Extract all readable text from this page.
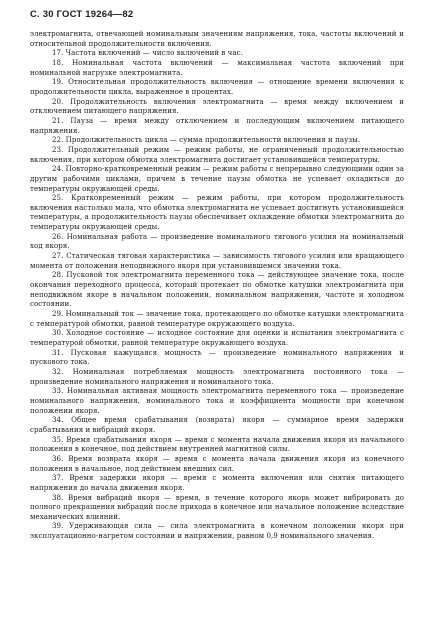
С. 30 ГОСТ 19264—82

электромагнита, отвечающей номинальным значениям напряжения, тока, частоты включений и относительной продолжительности включения.

17. Частота включений — число включений в час.

18. Номинальная частота включений — максимальная частота включений при номинальной нагрузке электромагнита.

19. Относительная продолжительность включения — отношение времени включения к продолжительности цикла, выраженное в процентах.

20. Продолжительность включения электромагнита — время между включением и отключением питающего напряжения.

21. Пауза — время между отключением и последующим включением питающего напряжения.

22. Продолжительность цикла — сумма продолжительности включения и паузы.

23. Продолжительный режим — режим работы, не ограниченный продолжительностью включения, при котором обмотка электромагнита достигает установившейся температуры.

24. Повторно-кратковременный режим — режим работы с непрерывно следующими один за другим рабочими циклами, причем в течение паузы обмотка не успевает охладиться до температуры окружающей среды.

25. Кратковременный режим — режим работы, при котором продолжительность включения настолько мала, что обмотка электромагнита не успевает достигнуть установившейся температуры, а продолжительность паузы обеспечивает охлаждение обмотки электромагнита до температуры окружающей среды.

26. Номинальная работа — произведение номинального тягового усилия на номинальный ход якоря.

27. Статическая тяговая характеристика — зависимость тягового усилия или вращающего момента от положения неподвижного якоря при установившемся значении тока.

28. Пусковой ток электромагнита переменного тока — действующее значение тока, после окончания переходного процесса, который протекает по обмотке катушки электромагнита при неподвижном якоре в начальном положении, номинальном напряжении, частоте и холодном состоянии.

29. Номинальный ток — значение тока, протекающего по обмотке катушки электромагнита с температурой обмотки, равной температуре окружающего воздуха.

30. Холодное состояние — исходное состояние для оценки и испытания электромагнита с температурой обмотки, равной температуре окружающего воздуха.

31. Пусковая кажущаяся мощность — произведение номинального напряжения и пускового тока.

32. Номинальная потребляемая мощность электромагнита постоянного тока — произведение номинального напряжения и номинального тока.

33. Номинальная активная мощность электромагнита переменного тока — произведение номинального напряжения, номинального тока и коэффициента мощности при конечном положении якоря.

34. Общее время срабатывания (возврата) якоря — суммарное время задержки срабатывания и вибраций якоря.

35. Время срабатывания якоря — время с момента начала движения якоря из начального положения в конечное, под действием внутренней магнитной силы.

36. Время возврата якоря — время с момента начала движения якоря из конечного положения в начальное, под действием внешних сил.

37. Время задержки якоря — время с момента включения или снятия питающего напряжения до начала движения якоря.

38. Время вибраций якоря — время, в течение которого якорь может вибрировать до полного прекращения вибраций после прихода в конечное или начальное положение вследствие механических влияний.

39. Удерживающая сила — сила электромагнита в конечном положении якоря при эксплуатационно-нагретом состоянии и напряжении, равном 0,9 номинального значения.
